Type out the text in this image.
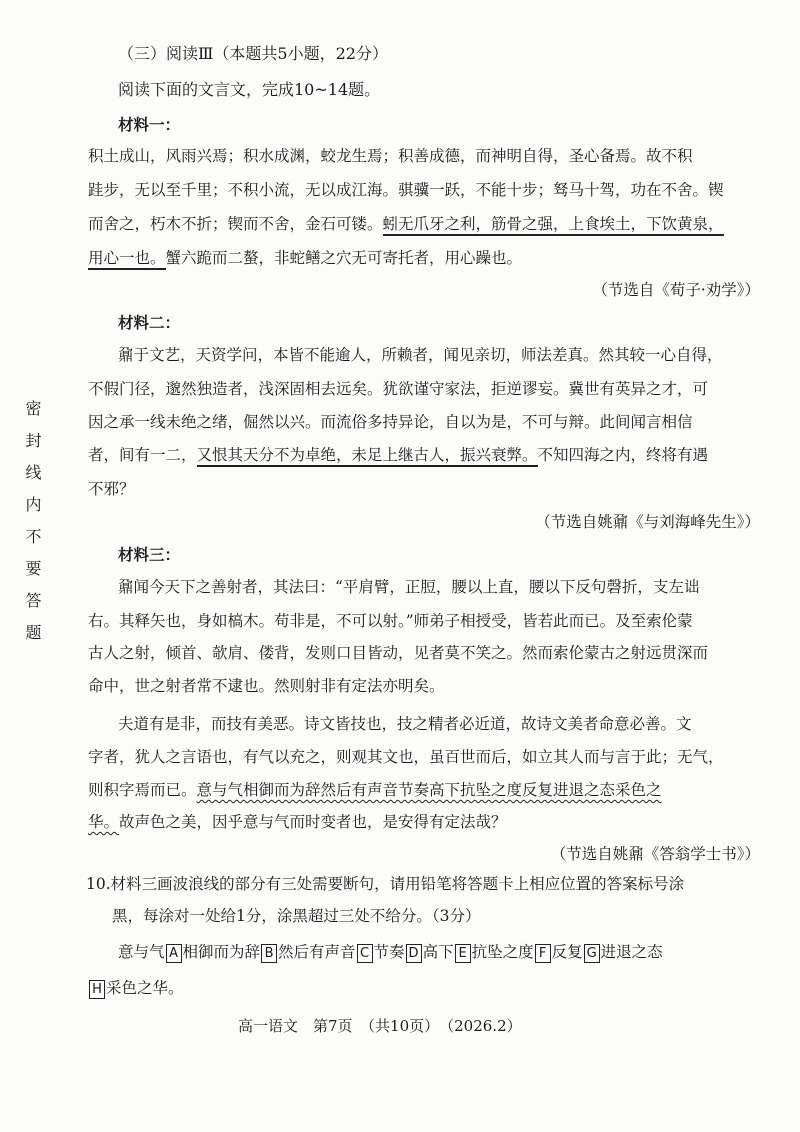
密封线内不要答题
（三）阅读Ⅲ（本题共5小题，22分）
阅读下面的文言文，完成10~14题。
材料一：
积土成山，风雨兴焉；积水成渊，蛟龙生焉；积善成德，而神明自得，圣心备焉。故不积
跬步，无以至千里；不积小流，无以成江海。骐骥一跃，不能十步；驽马十驾，功在不舍。锲
而舍之，朽木不折；锲而不舍，金石可镂。蚓无爪牙之利，筋骨之强，上食埃土，下饮黄泉，
用心一也。蟹六跪而二螯，非蛇鳝之穴无可寄托者，用心躁也。
（节选自《荀子·劝学》）
材料二：
鼐于文艺，天资学问，本皆不能逾人，所赖者，闻见亲切，师法差真。然其较一心自得，
不假门径，邈然独造者，浅深固相去远矣。犹欲谨守家法，拒逆谬妄。冀世有英异之才，可
因之承一线未绝之绪，倔然以兴。而流俗多持异论，自以为是，不可与辩。此间闻言相信
者，间有一二，又恨其天分不为卓绝，未足上继古人，振兴衰弊。不知四海之内，终将有遇
不邪？
（节选自姚鼐《与刘海峰先生》）
材料三：
鼐闻今天下之善射者，其法曰：“平肩臂，正脰，腰以上直，腰以下反句磬折，支左诎
右。其释矢也，身如槁木。苟非是，不可以射。”师弟子相授受，皆若此而已。及至索伦蒙
古人之射，倾首、欹肩、偻背，发则口目皆动，见者莫不笑之。然而索伦蒙古之射远贯深而
命中，世之射者常不逮也。然则射非有定法亦明矣。
夫道有是非，而技有美恶。诗文皆技也，技之精者必近道，故诗文美者命意必善。文
字者，犹人之言语也，有气以充之，则观其文也，虽百世而后，如立其人而与言于此；无气，
则积字焉而已。意与气相御而为辞然后有声音节奏高下抗坠之度反复进退之态采色之
华。故声色之美，因乎意与气而时变者也，是安得有定法哉？
（节选自姚鼐《答翁学士书》）
10.材料三画波浪线的部分有三处需要断句，请用铅笔将答题卡上相应位置的答案标号涂
黑，每涂对一处给1分，涂黑超过三处不给分。（3分）
意与气 A 相御而为辞 B 然后有声音 C 节奏 D 高下 E 抗坠之度 F 反复 G 进退之态
H 采色之华。
高一语文　第7页　（共10页）　（2026.2）
